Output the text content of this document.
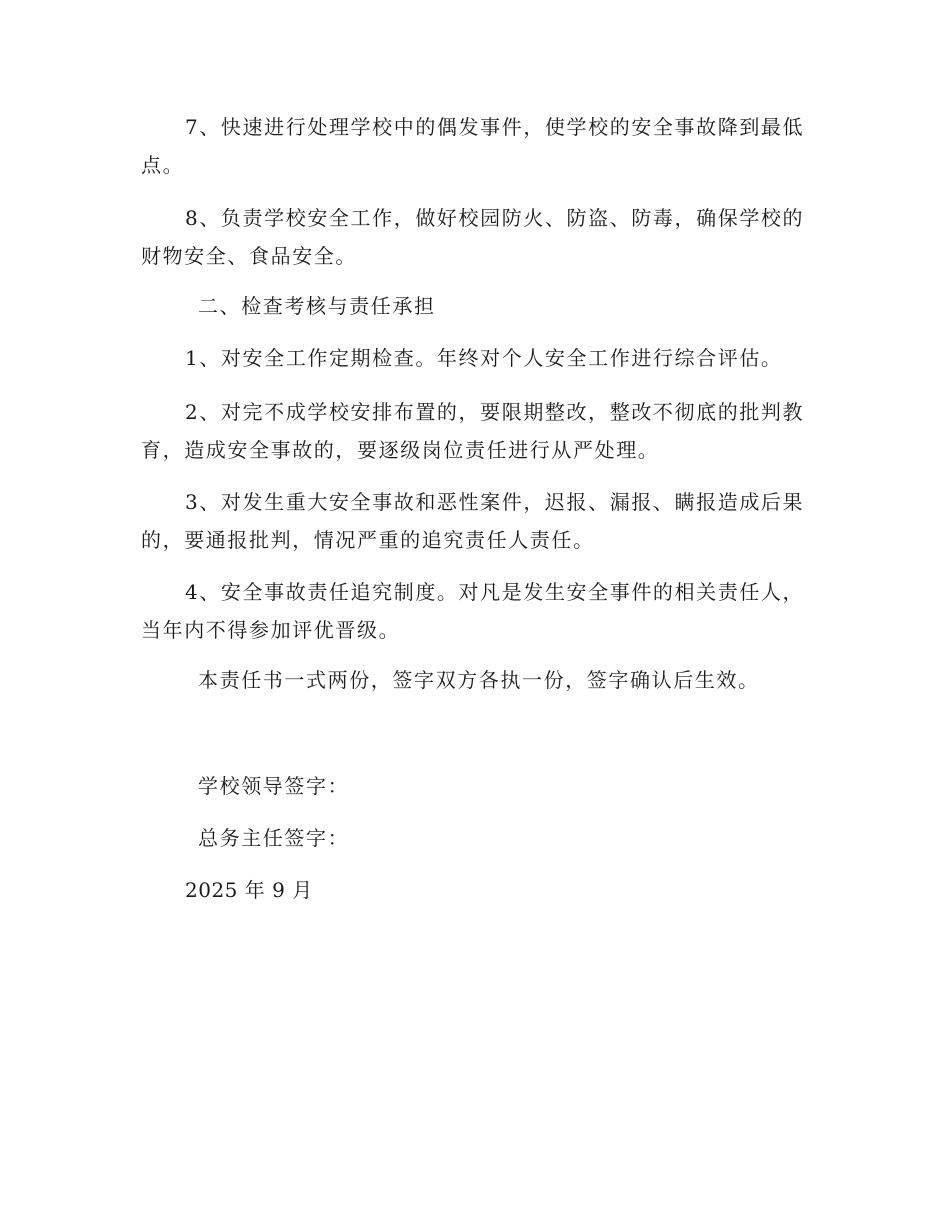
7、快速进行处理学校中的偶发事件，使学校的安全事故降到最低点。

8、负责学校安全工作，做好校园防火、防盗、防毒，确保学校的财物安全、食品安全。

二、检查考核与责任承担

1、对安全工作定期检查。年终对个人安全工作进行综合评估。

2、对完不成学校安排布置的，要限期整改，整改不彻底的批判教育，造成安全事故的，要逐级岗位责任进行从严处理。

3、对发生重大安全事故和恶性案件，迟报、漏报、瞒报造成后果的，要通报批判，情况严重的追究责任人责任。

4、安全事故责任追究制度。对凡是发生安全事件的相关责任人，当年内不得参加评优晋级。

本责任书一式两份，签字双方各执一份，签字确认后生效。

学校领导签字：

总务主任签字：

2025 年 9 月
